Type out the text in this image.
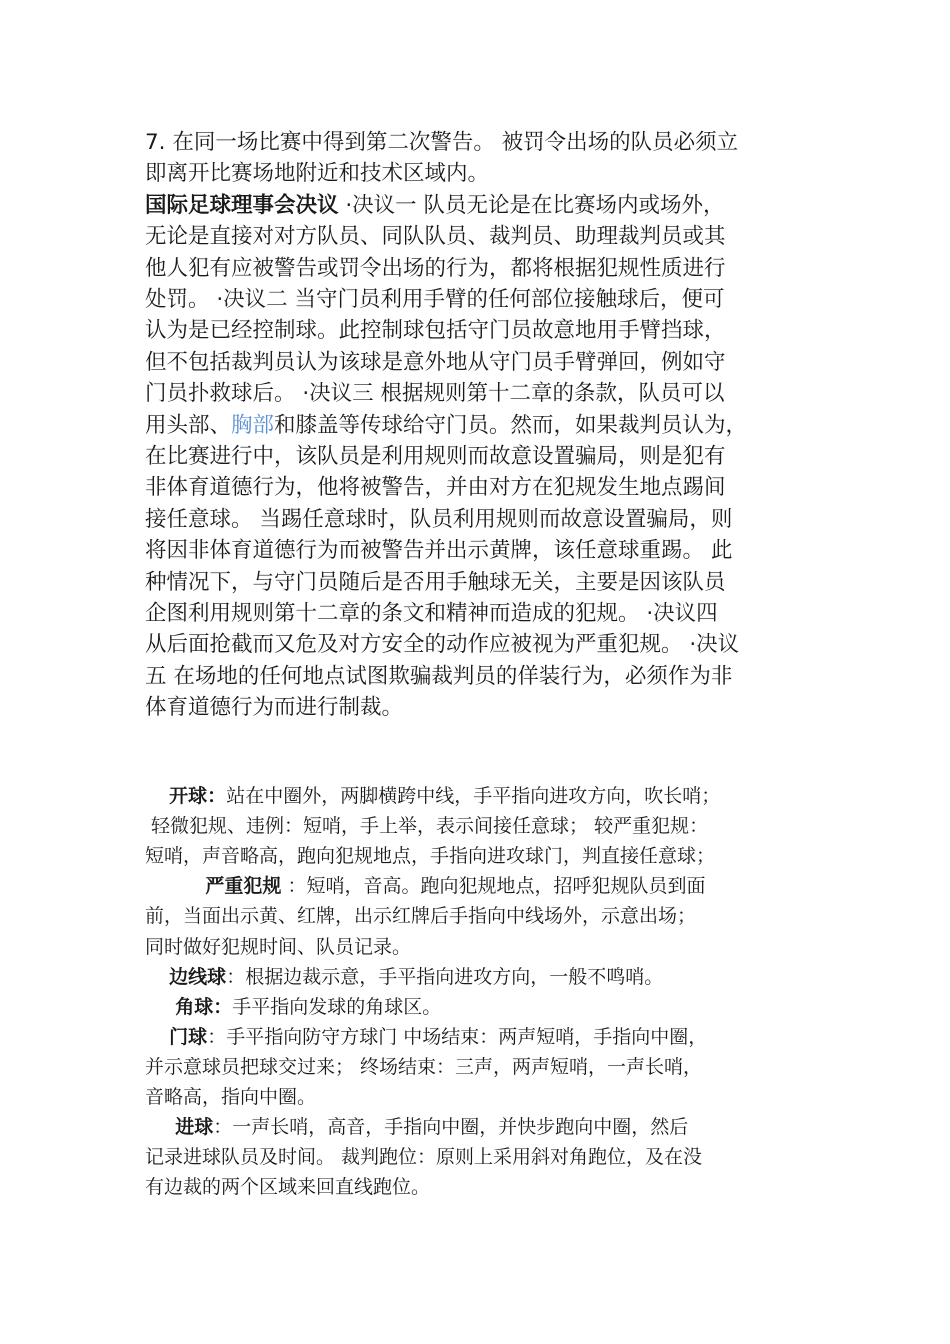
7. 在同一场比赛中得到第二次警告。 被罚令出场的队员必须立
即离开比赛场地附近和技术区域内。
国际足球理事会决议 ·决议一 队员无论是在比赛场内或场外，
无论是直接对对方队员、同队队员、裁判员、助理裁判员或其
他人犯有应被警告或罚令出场的行为，都将根据犯规性质进行
处罚。 ·决议二 当守门员利用手臂的任何部位接触球后，便可
认为是已经控制球。此控制球包括守门员故意地用手臂挡球，
但不包括裁判员认为该球是意外地从守门员手臂弹回，例如守
门员扑救球后。 ·决议三 根据规则第十二章的条款，队员可以
用头部、胸部和膝盖等传球给守门员。然而，如果裁判员认为，
在比赛进行中，该队员是利用规则而故意设置骗局，则是犯有
非体育道德行为，他将被警告，并由对方在犯规发生地点踢间
接任意球。 当踢任意球时，队员利用规则而故意设置骗局，则
将因非体育道德行为而被警告并出示黄牌，该任意球重踢。 此
种情况下，与守门员随后是否用手触球无关，主要是因该队员
企图利用规则第十二章的条文和精神而造成的犯规。 ·决议四
从后面抢截而又危及对方安全的动作应被视为严重犯规。 ·决议
五 在场地的任何地点试图欺骗裁判员的佯装行为，必须作为非
体育道德行为而进行制裁。
开球：站在中圈外，两脚横跨中线，手平指向进攻方向，吹长哨；
轻微犯规、违例：短哨，手上举，表示间接任意球； 较严重犯规：
短哨，声音略高，跑向犯规地点，手指向进攻球门，判直接任意球；
严重犯规 ：短哨，音高。跑向犯规地点，招呼犯规队员到面
前，当面出示黄、红牌，出示红牌后手指向中线场外，示意出场；
同时做好犯规时间、队员记录。
边线球：根据边裁示意，手平指向进攻方向，一般不鸣哨。
角球：手平指向发球的角球区。
门球：手平指向防守方球门 中场结束：两声短哨，手指向中圈，
并示意球员把球交过来； 终场结束：三声，两声短哨，一声长哨，
音略高，指向中圈。
进球：一声长哨，高音，手指向中圈，并快步跑向中圈，然后
记录进球队员及时间。 裁判跑位：原则上采用斜对角跑位，及在没
有边裁的两个区域来回直线跑位。
